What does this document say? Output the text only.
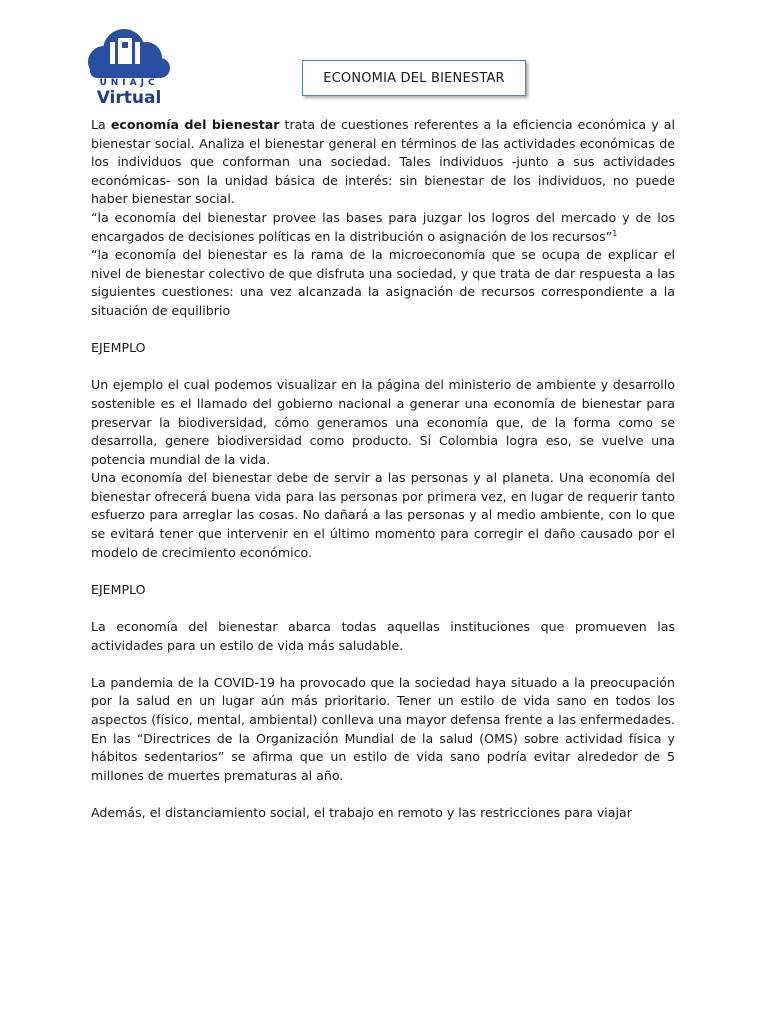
UNIAJC
Virtual
ECONOMIA DEL BIENESTAR

La economía del bienestar trata de cuestiones referentes a la eficiencia económica y al bienestar social. Analiza el bienestar general en términos de las actividades económicas de los individuos que conforman una sociedad. Tales individuos -junto a sus actividades económicas- son la unidad básica de interés: sin bienestar de los individuos, no puede haber bienestar social.

“la economía del bienestar provee las bases para juzgar los logros del mercado y de los encargados de decisiones políticas en la distribución o asignación de los recursos”$^1$

“la economía del bienestar es la rama de la microeconomía que se ocupa de explicar el nivel de bienestar colectivo de que disfruta una sociedad, y que trata de dar respuesta a las siguientes cuestiones: una vez alcanzada la asignación de recursos correspondiente a la situación de equilibrio

EJEMPLO

Un ejemplo el cual podemos visualizar en la página del ministerio de ambiente y desarrollo sostenible es el llamado del gobierno nacional a generar una economía de bienestar para preservar la biodiversidad, cómo generamos una economía que, de la forma como se desarrolla, genere biodiversidad como producto. Si Colombia logra eso, se vuelve una potencia mundial de la vida.

Una economía del bienestar debe de servir a las personas y al planeta. Una economía del bienestar ofrecerá buena vida para las personas por primera vez, en lugar de requerir tanto esfuerzo para arreglar las cosas. No dañará a las personas y al medio ambiente, con lo que se evitará tener que intervenir en el último momento para corregir el daño causado por el modelo de crecimiento económico.

EJEMPLO

La economía del bienestar abarca todas aquellas instituciones que promueven las actividades para un estilo de vida más saludable.

La pandemia de la COVID-19 ha provocado que la sociedad haya situado a la preocupación por la salud en un lugar aún más prioritario. Tener un estilo de vida sano en todos los aspectos (físico, mental, ambiental) conlleva una mayor defensa frente a las enfermedades. En las “Directrices de la Organización Mundial de la salud (OMS) sobre actividad física y hábitos sedentarios” se afirma que un estilo de vida sano podría evitar alrededor de 5 millones de muertes prematuras al año.

Además, el distanciamiento social, el trabajo en remoto y las restricciones para viajar
